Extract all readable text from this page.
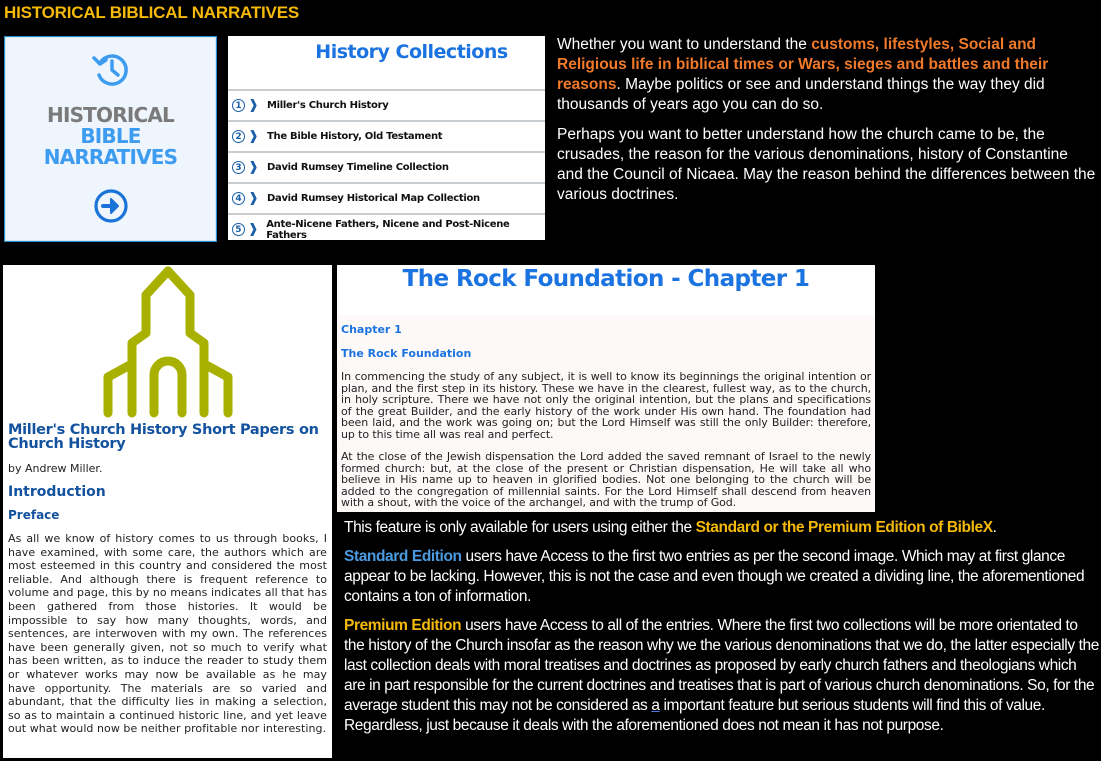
HISTORICAL BIBLICAL NARRATIVES
HISTORICAL
BIBLE
NARRATIVES
History Collections
1 ❱ Miller's Church History
2 ❱ The Bible History, Old Testament
3 ❱ David Rumsey Timeline Collection
4 ❱ David Rumsey Historical Map Collection
5 ❱ Ante-Nicene Fathers, Nicene and Post-Nicene Fathers

Whether you want to understand the customs, lifestyles, Social and Religious life in biblical times or Wars, sieges and battles and their reasons. Maybe politics or see and understand things the way they did thousands of years ago you can do so.

Perhaps you want to better understand how the church came to be, the crusades, the reason for the various denominations, history of Constantine and the Council of Nicaea. May the reason behind the differences between the various doctrines.

Miller's Church History Short Papers on Church History
by Andrew Miller.
Introduction
Preface
As all we know of history comes to us through books, I have examined, with some care, the authors which are most esteemed in this country and considered the most reliable. And although there is frequent reference to volume and page, this by no means indicates all that has been gathered from those histories. It would be impossible to say how many thoughts, words, and sentences, are interwoven with my own. The references have been generally given, not so much to verify what has been written, as to induce the reader to study them or whatever works may now be available as he may have opportunity. The materials are so varied and abundant, that the difficulty lies in making a selection, so as to maintain a continued historic line, and yet leave out what would now be neither profitable nor interesting.
The Rock Foundation - Chapter 1
Chapter 1
The Rock Foundation
In commencing the study of any subject, it is well to know its beginnings the original intention or plan, and the first step in its history. These we have in the clearest, fullest way, as to the church, in holy scripture. There we have not only the original intention, but the plans and specifications of the great Builder, and the early history of the work under His own hand. The foundation had been laid, and the work was going on; but the Lord Himself was still the only Builder: therefore, up to this time all was real and perfect.
At the close of the Jewish dispensation the Lord added the saved remnant of Israel to the newly formed church: but, at the close of the present or Christian dispensation, He will take all who believe in His name up to heaven in glorified bodies. Not one belonging to the church will be added to the congregation of millennial saints. For the Lord Himself shall descend from heaven with a shout, with the voice of the archangel, and with the trump of God.

This feature is only available for users using either the Standard or the Premium Edition of BibleX.

Standard Edition users have Access to the first two entries as per the second image. Which may at first glance appear to be lacking. However, this is not the case and even though we created a dividing line, the aforementioned contains a ton of information.

Premium Edition users have Access to all of the entries. Where the first two collections will be more orientated to the history of the Church insofar as the reason why we the various denominations that we do, the latter especially the last collection deals with moral treatises and doctrines as proposed by early church fathers and theologians which are in part responsible for the current doctrines and treatises that is part of various church denominations. So, for the average student this may not be considered as a important feature but serious students will find this of value. Regardless, just because it deals with the aforementioned does not mean it has not purpose.
